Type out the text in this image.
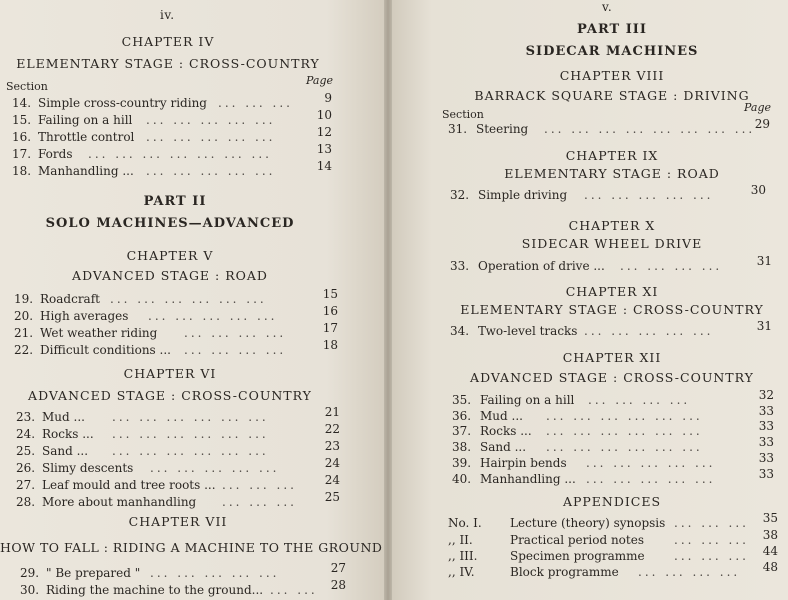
iv.
CHAPTER IV
ELEMENTARY STAGE : CROSS-COUNTRY
Section	Page
14. Simple cross-country riding ... ... ...	9
15. Failing on a hill ... ... ... ... ...	10
16. Throttle control ... ... ... ... ...	12
17. Fords ... ... ... ... ... ... ...	13
18. Manhandling ... ... ... ... ... ...	14
PART II
SOLO MACHINES—ADVANCED
CHAPTER V
ADVANCED STAGE : ROAD
19. Roadcraft ... ... ... ... ... ...	15
20. High averages ... ... ... ... ...	16
21. Wet weather riding ... ... ... ...	17
22. Difficult conditions ... ... ... ... ...	18
CHAPTER VI
ADVANCED STAGE : CROSS-COUNTRY
23. Mud ... ... ... ... ... ... ...	21
24. Rocks ... ... ... ... ... ... ...	22
25. Sand ... ... ... ... ... ... ...	23
26. Slimy descents ... ... ... ... ...	24
27. Leaf mould and tree roots ... ... ... ...	24
28. More about manhandling ... ... ...	25
CHAPTER VII
HOW TO FALL : RIDING A MACHINE TO THE GROUND
29. " Be prepared " ... ... ... ... ...	27
30. Riding the machine to the ground... ... ...	28
v.
PART III
SIDECAR MACHINES
CHAPTER VIII
BARRACK SQUARE STAGE : DRIVING
Section
Page
31. Steering ... ... ... ... ... ... ... ... 29
CHAPTER IX
ELEMENTARY STAGE : ROAD
32. Simple driving ... ... ... ... ...	30
CHAPTER X
SIDECAR WHEEL DRIVE
33. Operation of drive ... ... ... ... ...	31
CHAPTER XI
ELEMENTARY STAGE : CROSS-COUNTRY
34. Two-level tracks ... ... ... ... ...	31
CHAPTER XII
ADVANCED STAGE : CROSS-COUNTRY
35. Failing on a hill ... ... ... ...	32
36. Mud ... ... ... ... ... ... ...	33
37. Rocks ... ... ... ... ... ... ...	33
38. Sand ... ... ... ... ... ... ...	33
39. Hairpin bends ... ... ... ... ...	33
40. Manhandling ... ... ... ... ... ...	33
APPENDICES
No. I. Lecture (theory) synopsis ... ... ...	35
,, II.	Practical period notes	... ... ...	38
,, III.	Specimen programme ... ... ...	44
,, IV.	Block programme ... ... ... ...	48
